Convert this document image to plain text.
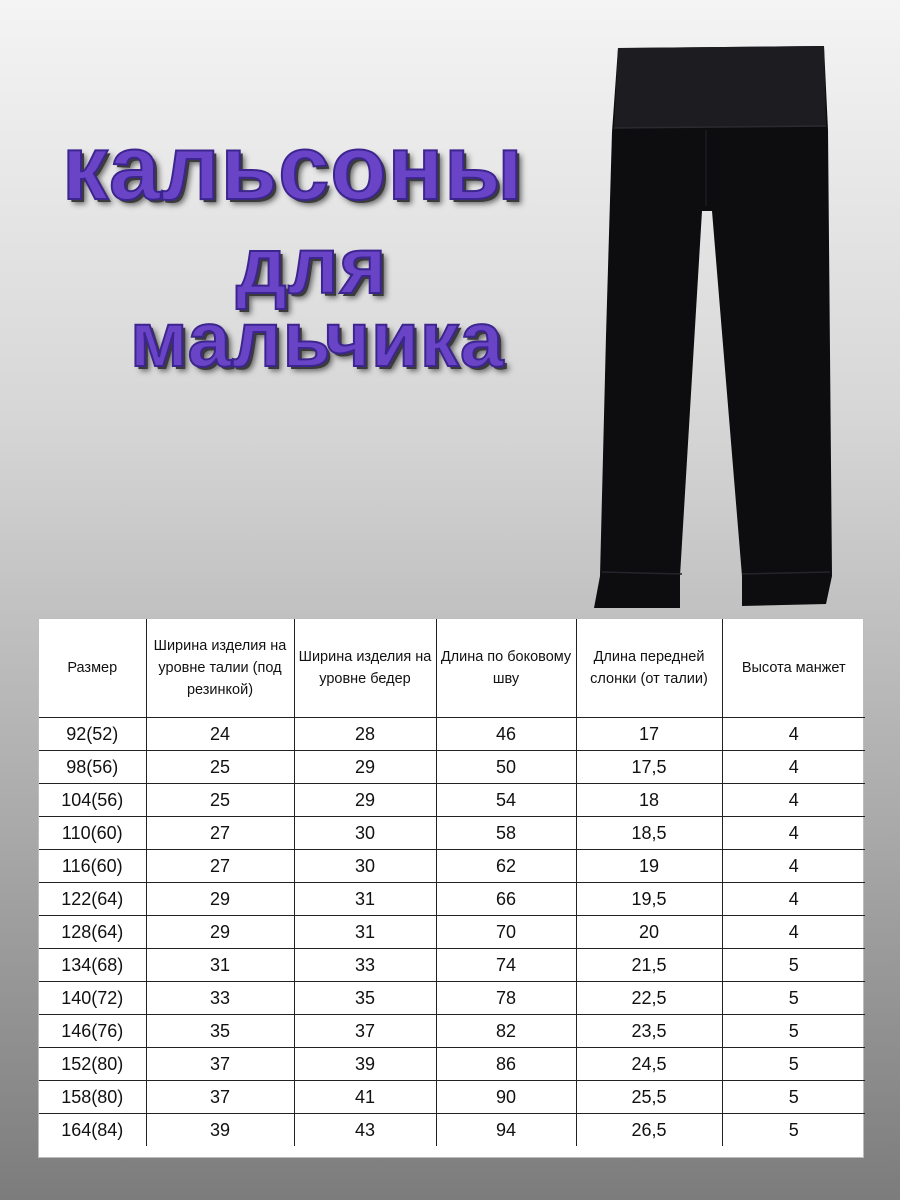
кальсоны
для
мальчика
Размер	Ширина изделия на уровне талии (под резинкой)	Ширина изделия на уровне бедер	Длина по боковому шву	Длина передней слонки (от талии)	Высота манжет
92(52)	24	28	46	17	4
98(56)	25	29	50	17,5	4
104(56)	25	29	54	18	4
110(60)	27	30	58	18,5	4
116(60)	27	30	62	19	4
122(64)	29	31	66	19,5	4
128(64)	29	31	70	20	4
134(68)	31	33	74	21,5	5
140(72)	33	35	78	22,5	5
146(76)	35	37	82	23,5	5
152(80)	37	39	86	24,5	5
158(80)	37	41	90	25,5	5
164(84)	39	43	94	26,5	5
